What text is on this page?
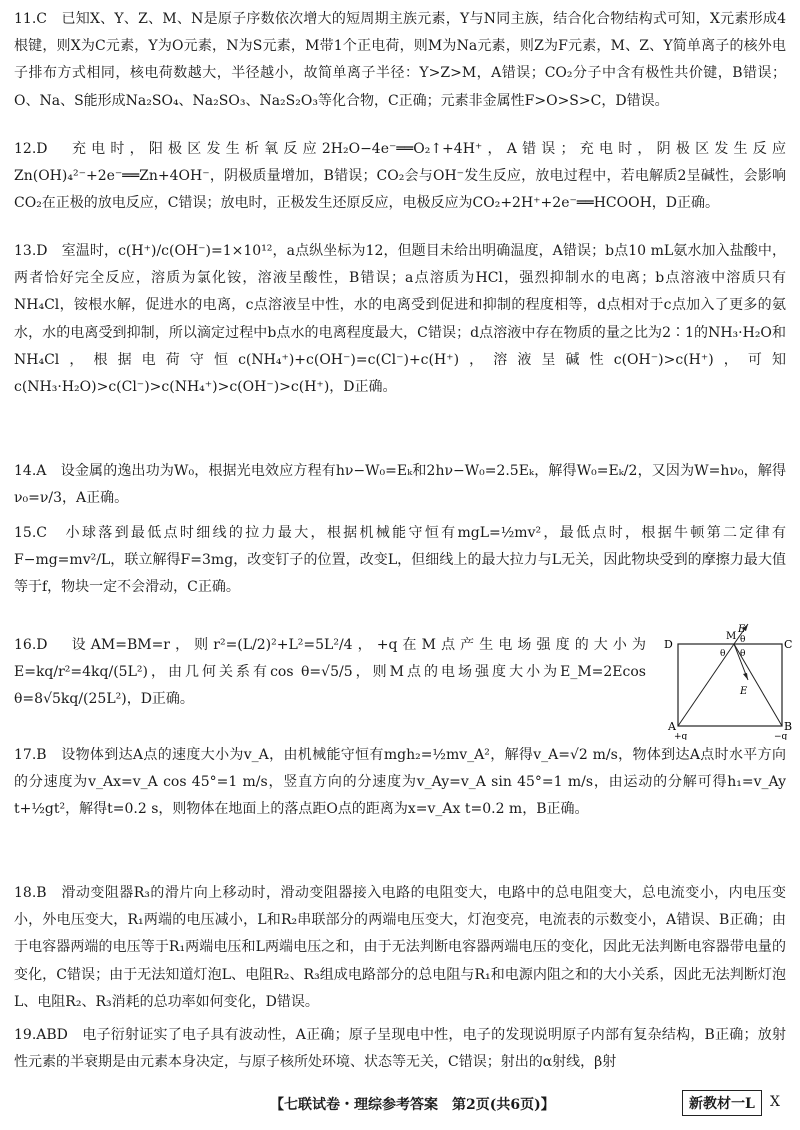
11.C　已知X、Y、Z、M、N是原子序数依次增大的短周期主族元素，Y与N同主族，结合化合物结构式可知，X元素形成4根键，则X为C元素，Y为O元素，N为S元素，M带1个正电荷，则M为Na元素，则Z为F元素，M、Z、Y简单离子的核外电子排布方式相同，核电荷数越大，半径越小，故简单离子半径：Y>Z>M，A错误；CO₂分子中含有极性共价键，B错误；O、Na、S能形成Na₂SO₄、Na₂SO₃、Na₂S₂O₃等化合物，C正确；元素非金属性F>O>S>C，D错误。

12.D　充电时，阳极区发生析氧反应2H₂O−4e⁻══O₂↑+4H⁺，A错误；充电时，阴极区发生反应Zn(OH)₄²⁻+2e⁻══Zn+4OH⁻，阴极质量增加，B错误；CO₂会与OH⁻发生反应，放电过程中，若电解质2呈碱性，会影响CO₂在正极的放电反应，C错误；放电时，正极发生还原反应，电极反应为CO₂+2H⁺+2e⁻══HCOOH，D正确。

13.D　室温时，c(H⁺)/c(OH⁻)=1×10¹²，a点纵坐标为12，但题目未给出明确温度，A错误；b点10 mL氨水加入盐酸中，两者恰好完全反应，溶质为氯化铵，溶液呈酸性，B错误；a点溶质为HCl，强烈抑制水的电离；b点溶液中溶质只有NH₄Cl，铵根水解，促进水的电离，c点溶液呈中性，水的电离受到促进和抑制的程度相等，d点相对于c点加入了更多的氨水，水的电离受到抑制，所以滴定过程中b点水的电离程度最大，C错误；d点溶液中存在物质的量之比为2∶1的NH₃·H₂O和NH₄Cl，根据电荷守恒c(NH₄⁺)+c(OH⁻)=c(Cl⁻)+c(H⁺)，溶液呈碱性c(OH⁻)>c(H⁺)，可知c(NH₃·H₂O)>c(Cl⁻)>c(NH₄⁺)>c(OH⁻)>c(H⁺)，D正确。

14.A　设金属的逸出功为W₀，根据光电效应方程有hν−W₀=Eₖ和2hν−W₀=2.5Eₖ，解得W₀=Eₖ/2，又因为W=hν₀，解得ν₀=ν/3，A正确。

15.C　小球落到最低点时细线的拉力最大，根据机械能守恒有mgL=½mv²，最低点时，根据牛顿第二定律有F−mg=mv²/L，联立解得F=3mg，改变钉子的位置，改变L，但细线上的最大拉力与L无关，因此物块受到的摩擦力最大值等于f，物块一定不会滑动，C正确。

16.D　设AM=BM=r，则r²=(L/2)²+L²=5L²/4，+q在M点产生电场强度的大小为E=kq/r²=4kq/(5L²)，由几何关系有cos θ=√5/5，则M点的电场强度大小为E_M=2Ecos θ=8√5kq/(25L²)，D正确。

17.B　设物体到达A点的速度大小为v_A，由机械能守恒有mgh₂=½mv_A²，解得v_A=√2 m/s，物体到达A点时水平方向的分速度为v_Ax=v_A cos 45°=1 m/s，竖直方向的分速度为v_Ay=v_A sin 45°=1 m/s，由运动的分解可得h₁=v_Ay t+½gt²，解得t=0.2 s，则物体在地面上的落点距O点的距离为x=v_Ax t=0.2 m，B正确。

18.B　滑动变阻器R₃的滑片向上移动时，滑动变阻器接入电路的电阻变大，电路中的总电阻变大，总电流变小，内电压变小，外电压变大，R₁两端的电压减小，L和R₂串联部分的两端电压变大，灯泡变亮，电流表的示数变小，A错误、B正确；由于电容器两端的电压等于R₁两端电压和L两端电压之和，由于无法判断电容器两端电压的变化，因此无法判断电容器带电量的变化，C错误；由于无法知道灯泡L、电阻R₂、R₃组成电路部分的总电阻与R₁和电源内阻之和的大小关系，因此无法判断灯泡L、电阻R₂、R₃消耗的总功率如何变化，D错误。

19.ABD　电子衍射证实了电子具有波动性，A正确；原子呈现电中性，电子的发现说明原子内部有复杂结构，B正确；放射性元素的半衰期是由元素本身决定，与原子核所处环境、状态等无关，C错误；射出的α射线，β射

D	C
A	B
M
E
E
θ
θ θ
+q	−q
【七联试卷・理综参考答案　第2页(共6页)】	新教材一L	X
